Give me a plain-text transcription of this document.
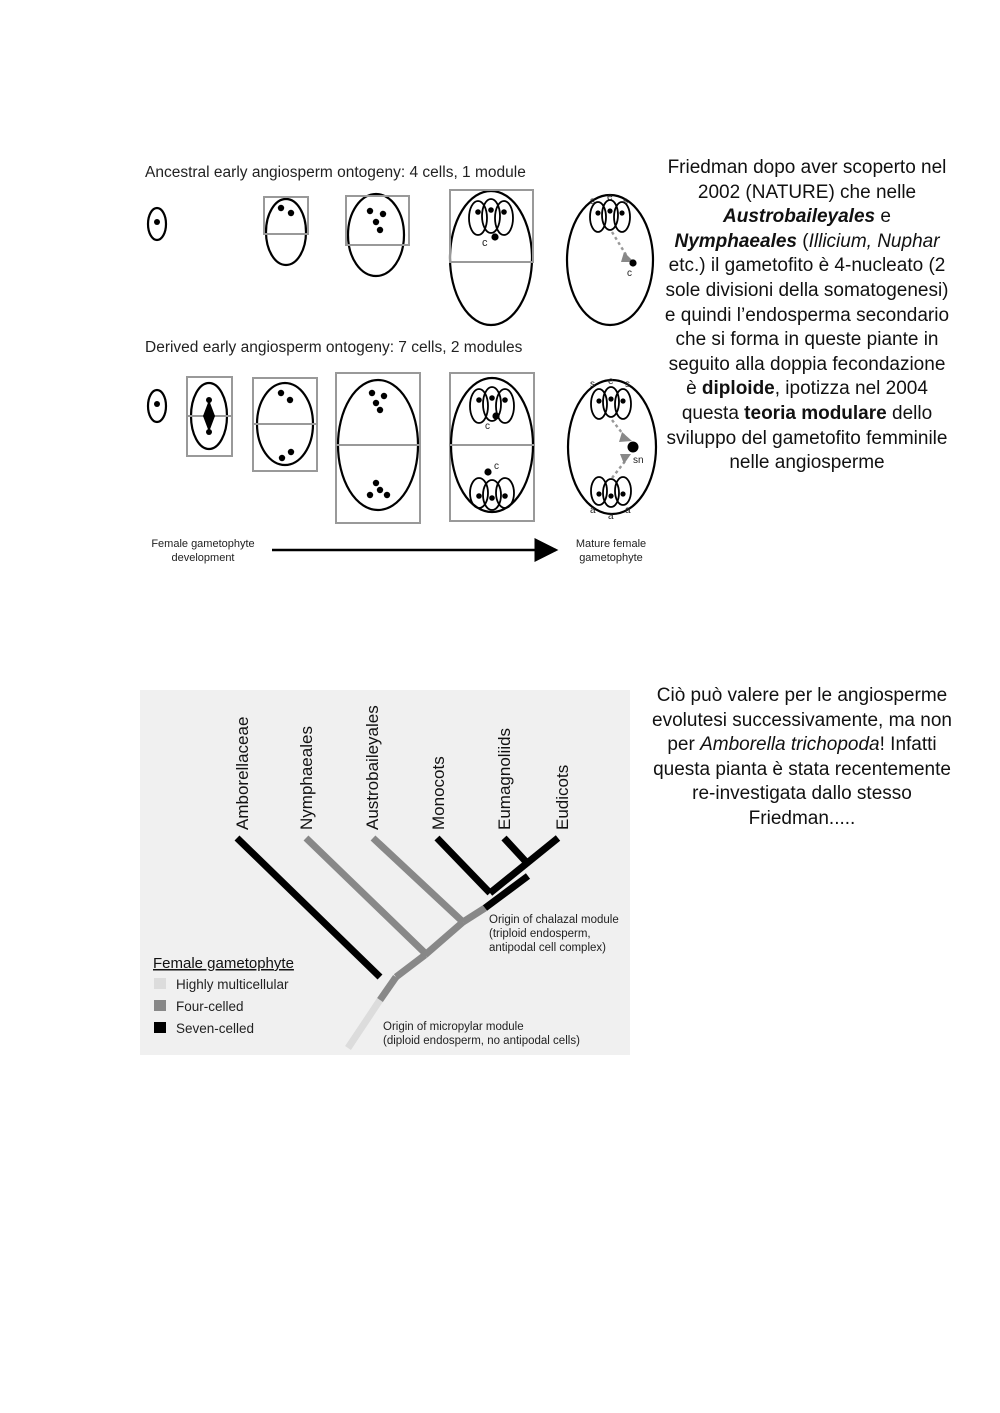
Ancestral early angiosperm ontogeny: 4 cells, 1 module
c
s e s
c
Derived early angiosperm ontogeny: 7 cells, 2 modules
c
c
sn
s e s
a
a
a
Female gametophyte
development
Mature female
gametophyte
Friedman dopo aver scoperto nel 2002 (NATURE) che nelle Austrobaileyales e Nymphaeales (Illicium, Nuphar etc.) il gametofito è 4-nucleato (2 sole divisioni della somatogenesi) e quindi l’endosperma secondario che si forma in queste piante in seguito alla doppia fecondazione è diploide, ipotizza nel 2004 questa teoria modulare dello sviluppo del gametofito femminile nelle angiosperme
Amborellaceae	Nymphaeales	Austrobaileyales	Monocots	Eumagnoliids Eudicots
Origin of chalazal module
(triploid endosperm,
antipodal cell complex)
Origin of micropylar module
(diploid endosperm, no antipodal cells)
Female gametophyte
Highly multicellular
Four-celled
Seven-celled
Ciò può valere per le angiosperme evolutesi successivamente, ma non per Amborella trichopoda! Infatti questa pianta è stata recentemente re-investigata dallo stesso Friedman.....
